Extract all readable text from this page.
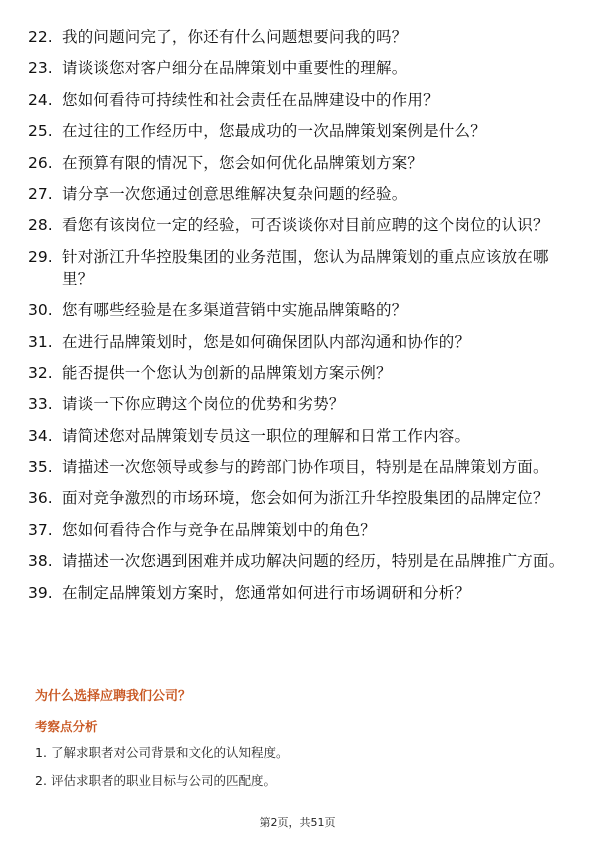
22. 我的问题问完了，你还有什么问题想要问我的吗？
23. 请谈谈您对客户细分在品牌策划中重要性的理解。
24. 您如何看待可持续性和社会责任在品牌建设中的作用？
25. 在过往的工作经历中，您最成功的一次品牌策划案例是什么？
26. 在预算有限的情况下，您会如何优化品牌策划方案？
27. 请分享一次您通过创意思维解决复杂问题的经验。
28. 看您有该岗位一定的经验，可否谈谈你对目前应聘的这个岗位的认识？
29. 针对浙江升华控股集团的业务范围，您认为品牌策划的重点应该放在哪里？
30. 您有哪些经验是在多渠道营销中实施品牌策略的？
31. 在进行品牌策划时，您是如何确保团队内部沟通和协作的？
32. 能否提供一个您认为创新的品牌策划方案示例？
33. 请谈一下你应聘这个岗位的优势和劣势？
34. 请简述您对品牌策划专员这一职位的理解和日常工作内容。
35. 请描述一次您领导或参与的跨部门协作项目，特别是在品牌策划方面。
36. 面对竞争激烈的市场环境，您会如何为浙江升华控股集团的品牌定位？
37. 您如何看待合作与竞争在品牌策划中的角色？
38. 请描述一次您遇到困难并成功解决问题的经历，特别是在品牌推广方面。
39. 在制定品牌策划方案时，您通常如何进行市场调研和分析？
为什么选择应聘我们公司？
考察点分析
1. 了解求职者对公司背景和文化的认知程度。
2. 评估求职者的职业目标与公司的匹配度。
第2页，共51页
